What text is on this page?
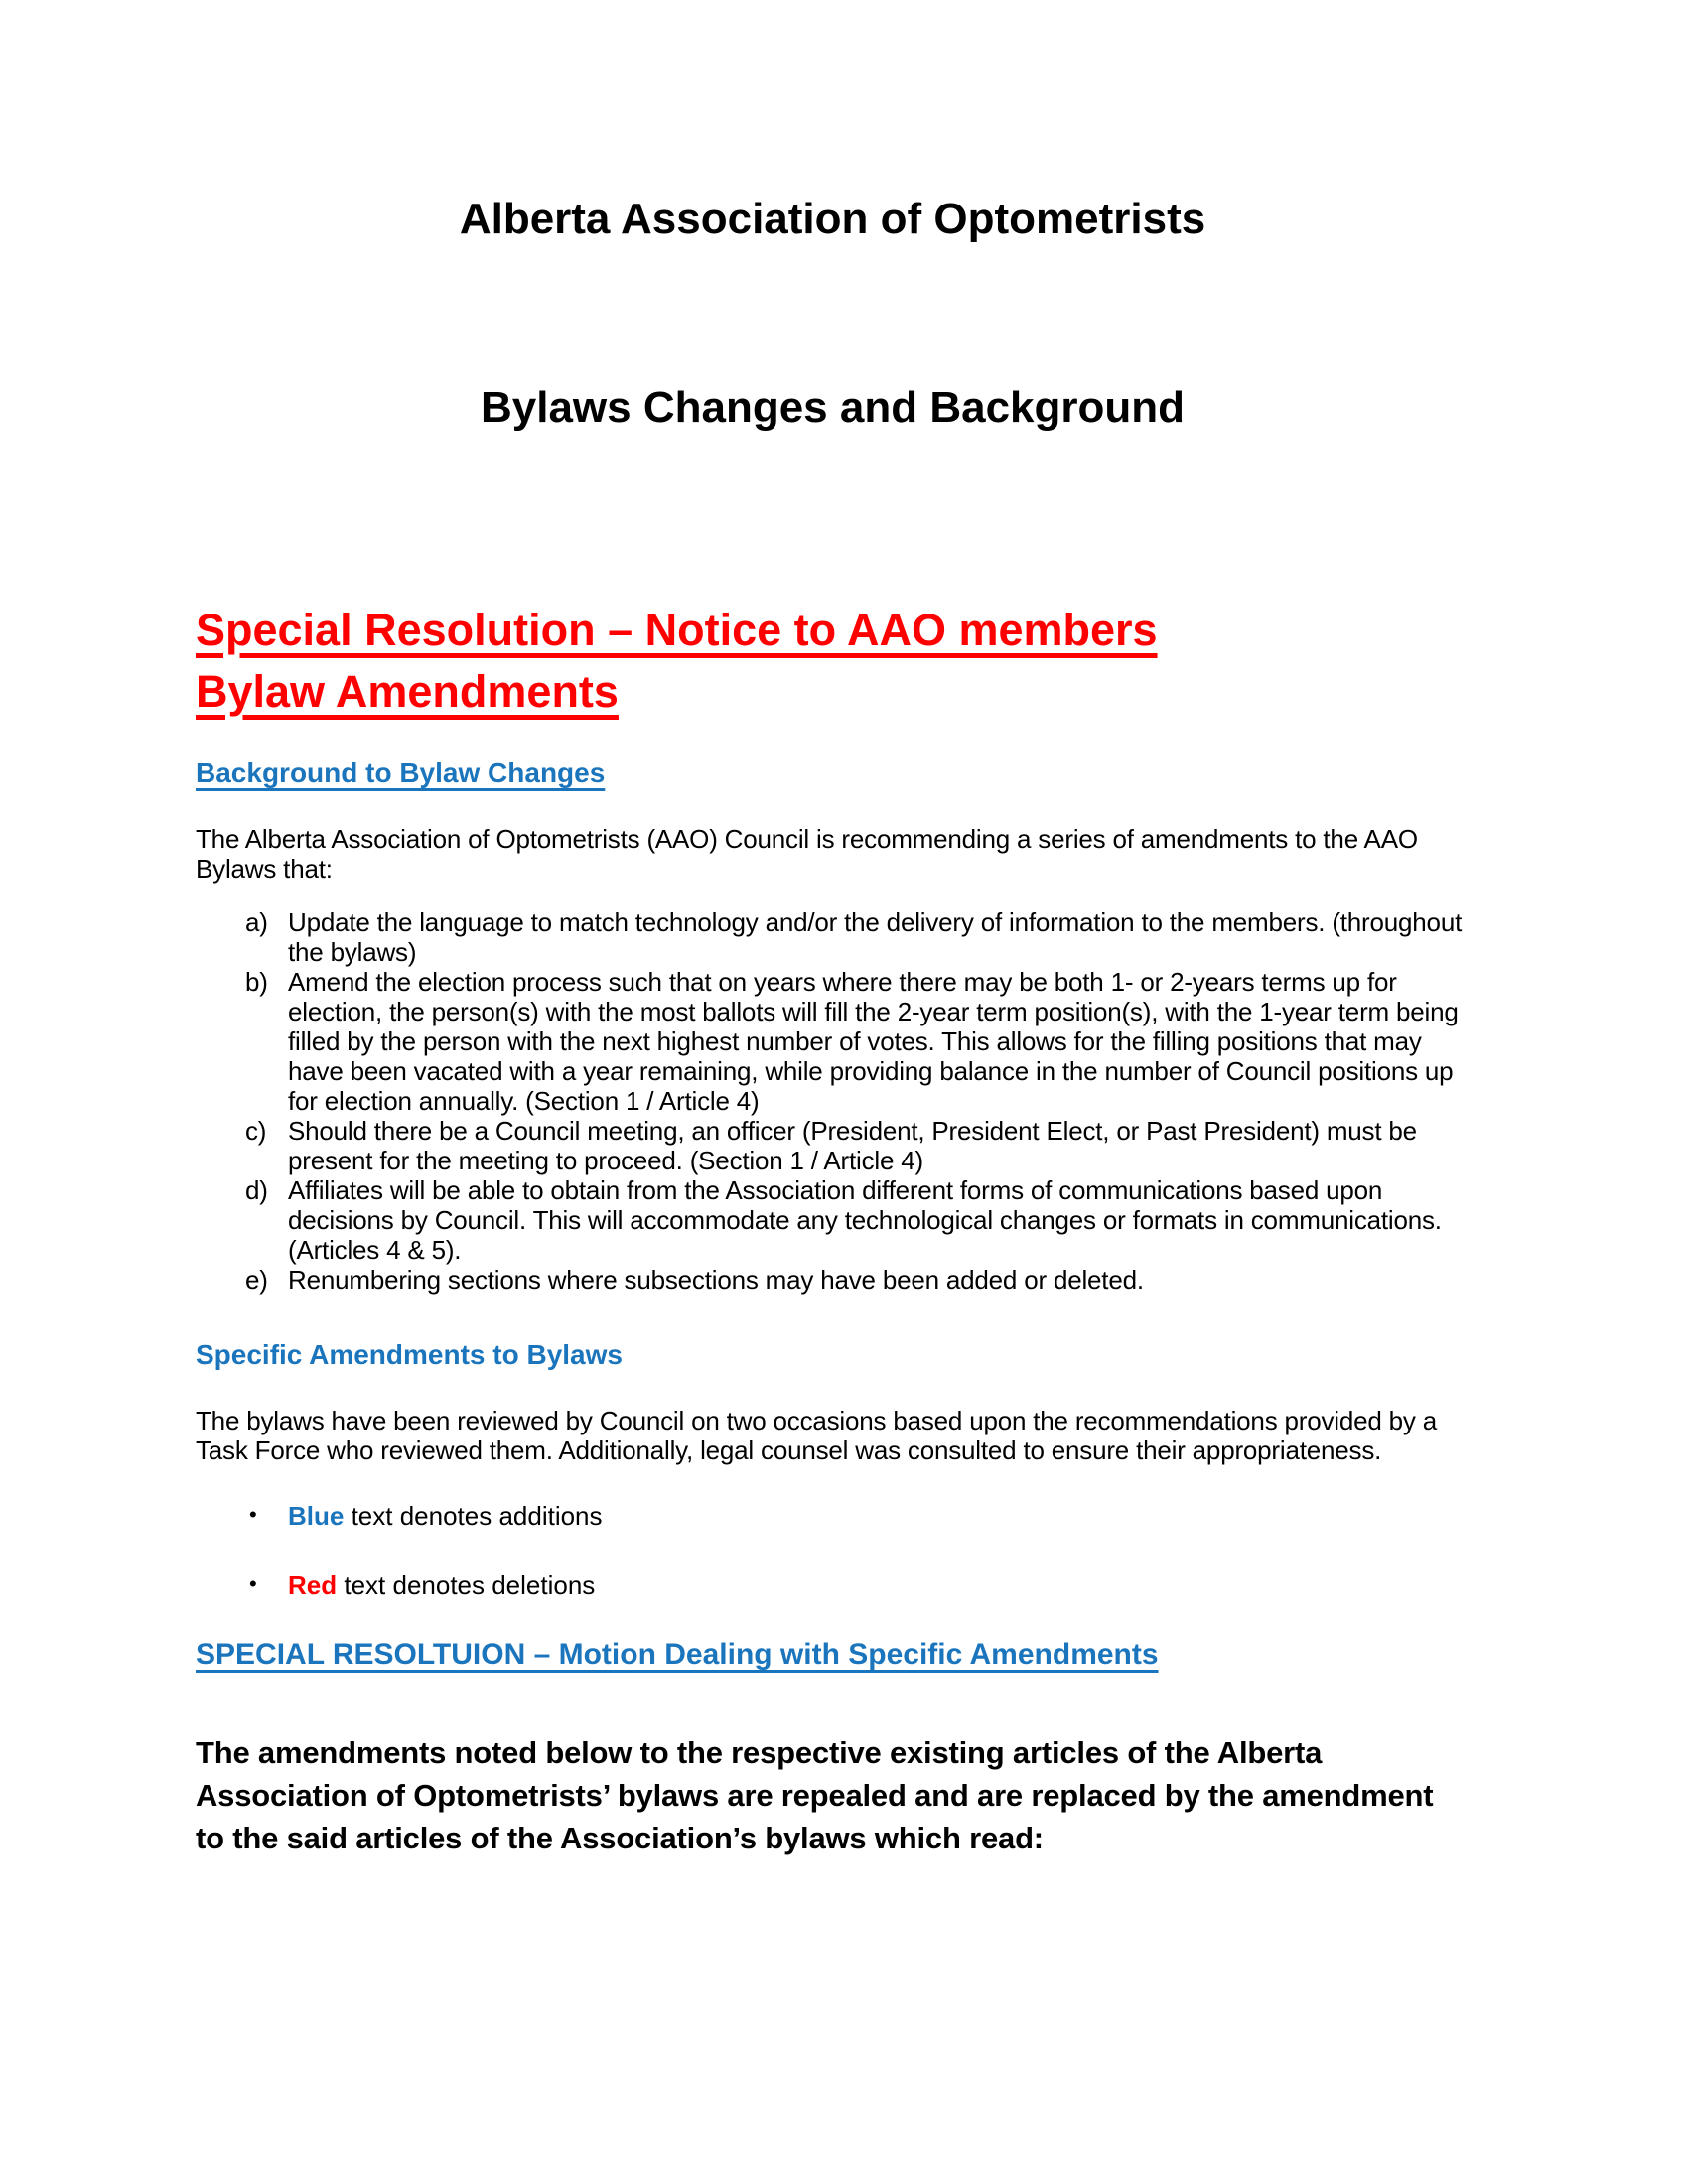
Alberta Association of Optometrists
Bylaws Changes and Background
Special Resolution – Notice to AAO members
Bylaw Amendments
Background to Bylaw Changes

The Alberta Association of Optometrists (AAO) Council is recommending a series of amendments to the AAO Bylaws that:

a) Update the language to match technology and/or the delivery of information to the members. (throughout the bylaws)
b) Amend the election process such that on years where there may be both 1- or 2-years terms up for election, the person(s) with the most ballots will fill the 2-year term position(s), with the 1-year term being filled by the person with the next highest number of votes. This allows for the filling positions that may have been vacated with a year remaining, while providing balance in the number of Council positions up for election annually. (Section 1 / Article 4)
c) Should there be a Council meeting, an officer (President, President Elect, or Past President) must be present for the meeting to proceed. (Section 1 / Article 4)
d) Affiliates will be able to obtain from the Association different forms of communications based upon decisions by Council. This will accommodate any technological changes or formats in communications. (Articles 4 & 5).
e) Renumbering sections where subsections may have been added or deleted.
Specific Amendments to Bylaws

The bylaws have been reviewed by Council on two occasions based upon the recommendations provided by a Task Force who reviewed them. Additionally, legal counsel was consulted to ensure their appropriateness.

• Blue text denotes additions
• Red text denotes deletions
SPECIAL RESOLTUION – Motion Dealing with Specific Amendments

The amendments noted below to the respective existing articles of the Alberta Association of Optometrists’ bylaws are repealed and are replaced by the amendment to the said articles of the Association’s bylaws which read:
